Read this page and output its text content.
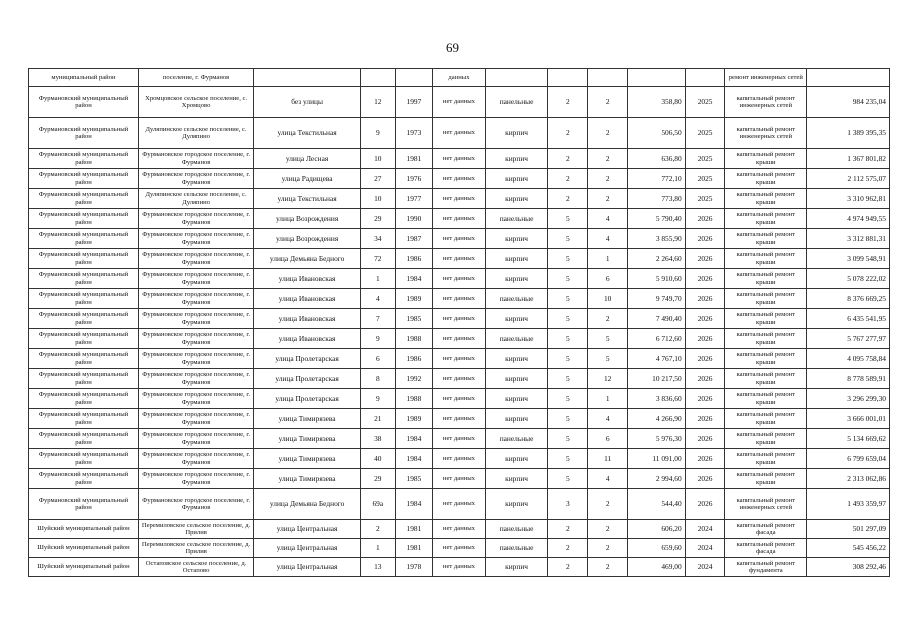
69
муниципальный район	поселение, г. Фурманов				данных						ремонт инженерных сетей	
Фурмановский муниципальный район	Хромцовское сельское поселение, с. Хромцово	без улицы	12	1997	нет данных	панельные	2	2	358,80	2025	капитальный ремонт инженерных сетей	984 235,04
Фурмановский муниципальный район	Дуляпинское сельское поселение, с. Дуляпино	улица Текстильная	9	1973	нет данных	кирпич	2	2	506,50	2025	капитальный ремонт инженерных сетей	1 389 395,35
Фурмановский муниципальный район	Фурмановское городское поселение, г. Фурманов	улица Лесная	10	1981	нет данных	кирпич	2	2	636,80	2025	капитальный ремонт крыши	1 367 801,82
Фурмановский муниципальный район	Фурмановское городское поселение, г. Фурманов	улица Радищева	27	1976	нет данных	кирпич	2	2	772,10	2025	капитальный ремонт крыши	2 112 575,07
Фурмановский муниципальный район	Дуляпинское сельское поселение, с. Дуляпино	улица Текстильная	10	1977	нет данных	кирпич	2	2	773,80	2025	капитальный ремонт крыши	3 310 962,81
Фурмановский муниципальный район	Фурмановское городское поселение, г. Фурманов	улица Возрождения	29	1990	нет данных	панельные	5	4	5 790,40	2026	капитальный ремонт крыши	4 974 949,55
Фурмановский муниципальный район	Фурмановское городское поселение, г. Фурманов	улица Возрождения	34	1987	нет данных	кирпич	5	4	3 855,90	2026	капитальный ремонт крыши	3 312 881,31
Фурмановский муниципальный район	Фурмановское городское поселение, г. Фурманов	улица Демьяна Бедного	72	1986	нет данных	кирпич	5	1	2 264,60	2026	капитальный ремонт крыши	3 099 548,91
Фурмановский муниципальный район	Фурмановское городское поселение, г. Фурманов	улица Ивановская	1	1984	нет данных	кирпич	5	6	5 910,60	2026	капитальный ремонт крыши	5 078 222,02
Фурмановский муниципальный район	Фурмановское городское поселение, г. Фурманов	улица Ивановская	4	1989	нет данных	панельные	5	10	9 749,70	2026	капитальный ремонт крыши	8 376 669,25
Фурмановский муниципальный район	Фурмановское городское поселение, г. Фурманов	улица Ивановская	7	1985	нет данных	кирпич	5	2	7 490,40	2026	капитальный ремонт крыши	6 435 541,95
Фурмановский муниципальный район	Фурмановское городское поселение, г. Фурманов	улица Ивановская	9	1988	нет данных	панельные	5	5	6 712,60	2026	капитальный ремонт крыши	5 767 277,97
Фурмановский муниципальный район	Фурмановское городское поселение, г. Фурманов	улица Пролетарская	6	1986	нет данных	кирпич	5	5	4 767,10	2026	капитальный ремонт крыши	4 095 758,84
Фурмановский муниципальный район	Фурмановское городское поселение, г. Фурманов	улица Пролетарская	8	1992	нет данных	кирпич	5	12	10 217,50	2026	капитальный ремонт крыши	8 778 589,91
Фурмановский муниципальный район	Фурмановское городское поселение, г. Фурманов	улица Пролетарская	9	1988	нет данных	кирпич	5	1	3 836,60	2026	капитальный ремонт крыши	3 296 299,30
Фурмановский муниципальный район	Фурмановское городское поселение, г. Фурманов	улица Тимирязева	21	1989	нет данных	кирпич	5	4	4 266,90	2026	капитальный ремонт крыши	3 666 001,01
Фурмановский муниципальный район	Фурмановское городское поселение, г. Фурманов	улица Тимирязева	38	1984	нет данных	панельные	5	6	5 976,30	2026	капитальный ремонт крыши	5 134 669,62
Фурмановский муниципальный район	Фурмановское городское поселение, г. Фурманов	улица Тимирязева	40	1984	нет данных	кирпич	5	11	11 091,00	2026	капитальный ремонт крыши	6 799 659,04
Фурмановский муниципальный район	Фурмановское городское поселение, г. Фурманов	улица Тимирязева	29	1985	нет данных	кирпич	5	4	2 994,60	2026	капитальный ремонт крыши	2 313 062,86
Фурмановский муниципальный район	Фурмановское городское поселение, г. Фурманов	улица Демьяна Бедного	69а	1984	нет данных	кирпич	3	2	544,40	2026	капитальный ремонт инженерных сетей	1 493 359,97
Шуйский муниципальный район	Перемиловское сельское поселение, д. Прилив	улица Центральная	2	1981	нет данных	панельные	2	2	606,20	2024	капитальный ремонт фасада	501 297,09
Шуйский муниципальный район	Перемиловское сельское поселение, д. Прилив	улица Центральная	1	1981	нет данных	панельные	2	2	659,60	2024	капитальный ремонт фасада	545 456,22
Шуйский муниципальный район	Остаповское сельское поселение, д. Остапово	улица Центральная	13	1978	нет данных	кирпич	2	2	469,00	2024	капитальный ремонт фундамента	308 292,46
